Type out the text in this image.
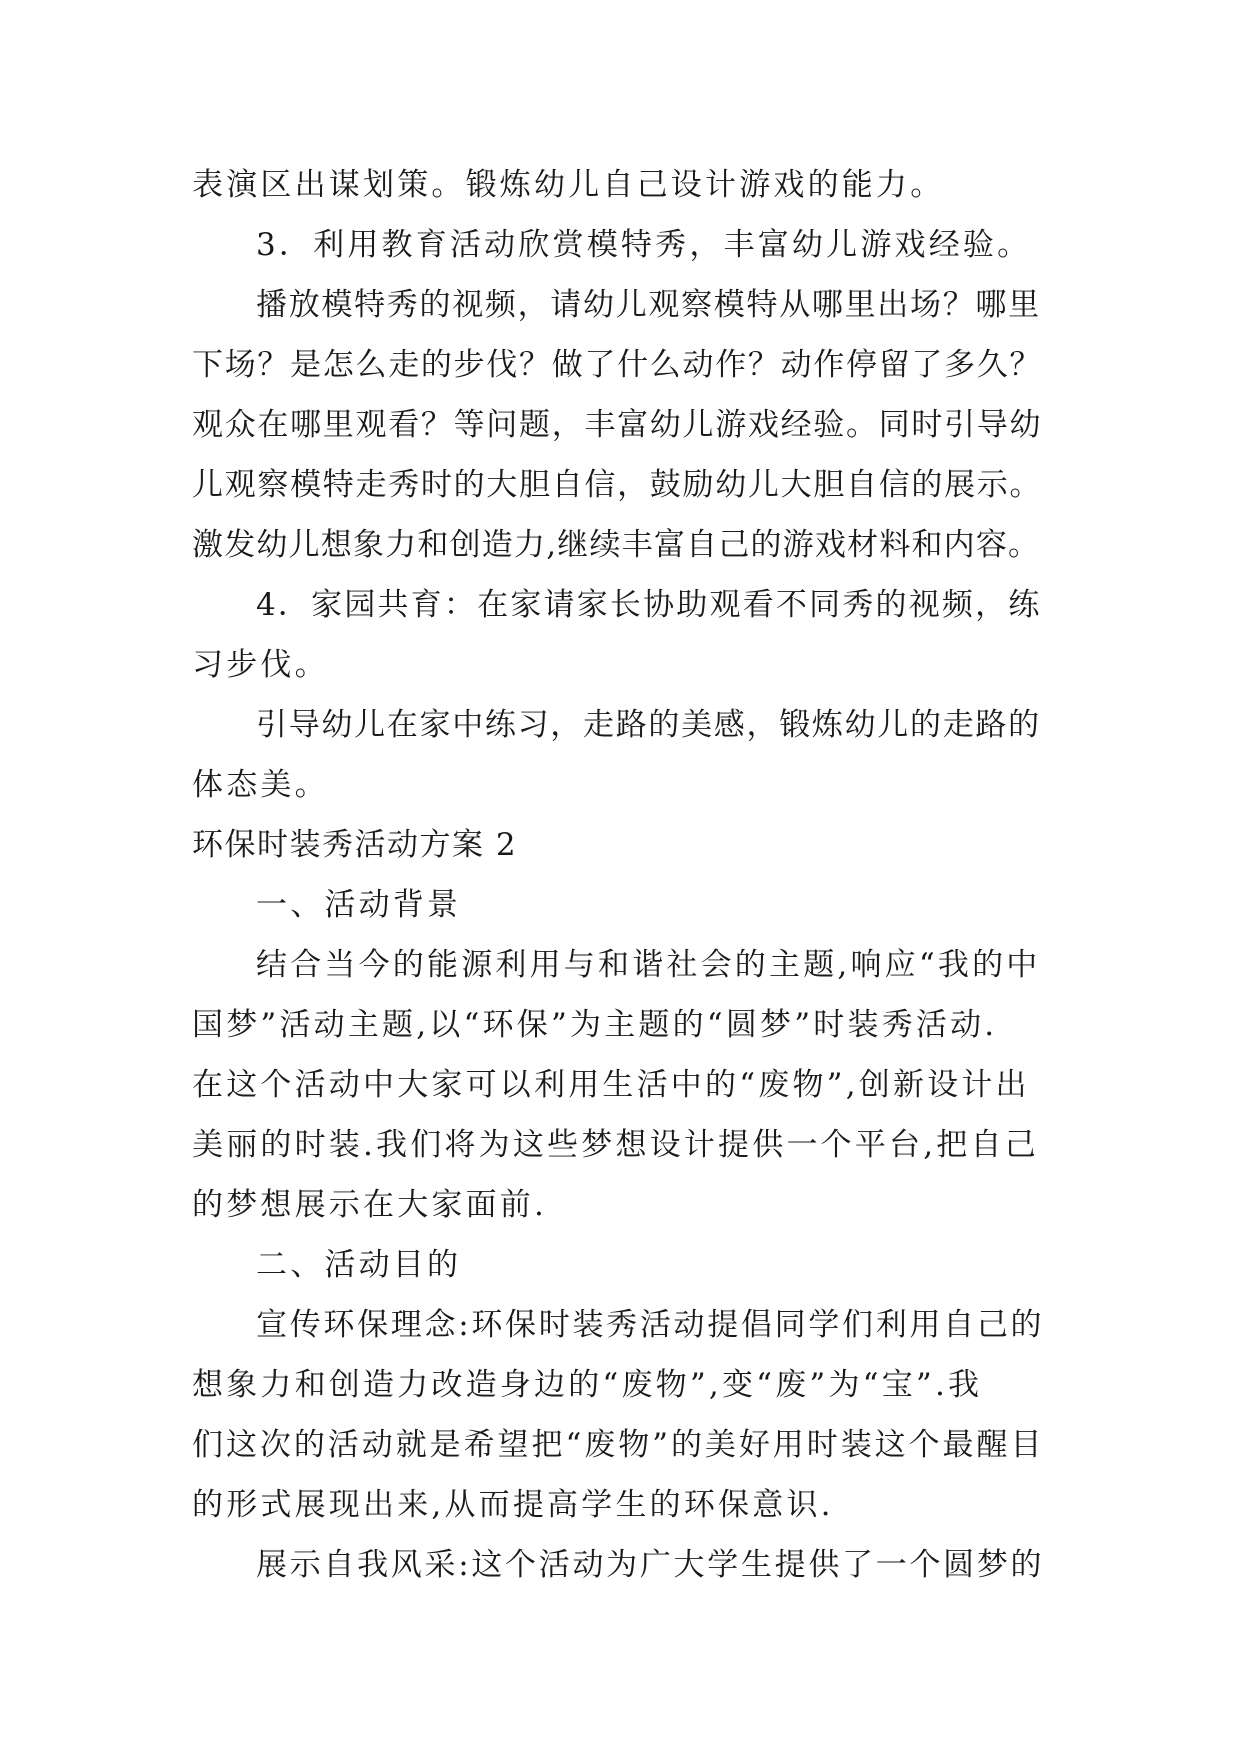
表演区出谋划策。锻炼幼儿自己设计游戏的能力。
3．利用教育活动欣赏模特秀，丰富幼儿游戏经验。
播放模特秀的视频，请幼儿观察模特从哪里出场？哪里
下场？是怎么走的步伐？做了什么动作？动作停留了多久？
观众在哪里观看？等问题，丰富幼儿游戏经验。同时引导幼
儿观察模特走秀时的大胆自信，鼓励幼儿大胆自信的展示。
激发幼儿想象力和创造力,继续丰富自己的游戏材料和内容。
4．家园共育：在家请家长协助观看不同秀的视频，练
习步伐。
引导幼儿在家中练习，走路的美感，锻炼幼儿的走路的
体态美。
环保时装秀活动方案 2
一、活动背景
结合当今的能源利用与和谐社会的主题,响应“我的中
国梦”活动主题,以“环保”为主题的“圆梦”时装秀活动.
在这个活动中大家可以利用生活中的“废物”,创新设计出
美丽的时装.我们将为这些梦想设计提供一个平台,把自己
的梦想展示在大家面前.
二、活动目的
宣传环保理念:环保时装秀活动提倡同学们利用自己的
想象力和创造力改造身边的“废物”,变“废”为“宝”.我
们这次的活动就是希望把“废物”的美好用时装这个最醒目
的形式展现出来,从而提高学生的环保意识.
展示自我风采:这个活动为广大学生提供了一个圆梦的
